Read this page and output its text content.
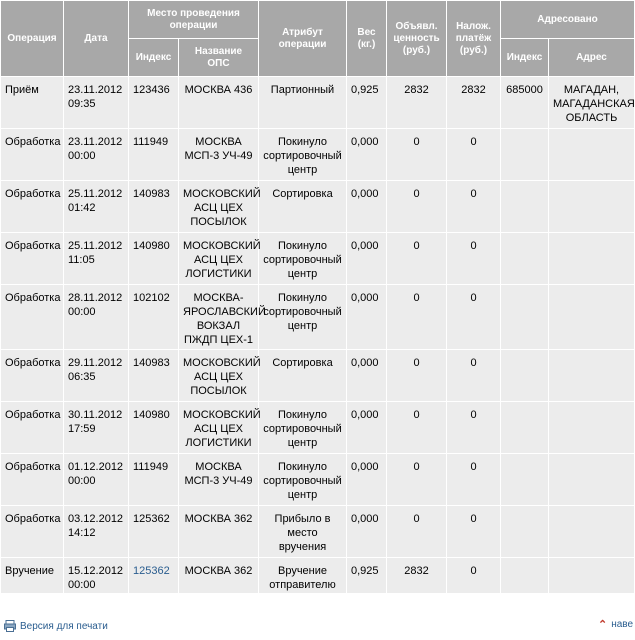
Операция	Дата	Место проведения операции		Атрибут операции	Вес (кг.)	Объявл. ценность (руб.)	Налож. платёж (руб.)	Адресовано	
		Индекс	Название ОПС					Индекс	Адрес
Приём	23.11.2012 09:35	123436	МОСКВА 436	Партионный	0,925	2832	2832	685000	МАГАДАН, МАГАДАНСКАЯ ОБЛАСТЬ
Обработка	23.11.2012 00:00	111949	МОСКВА МСП-3 УЧ-49	Покинуло сортировочный центр	0,000	0	0		
Обработка	25.11.2012 01:42	140983	МОСКОВСКИЙ АСЦ ЦЕХ ПОСЫЛОК	Сортировка	0,000	0	0		
Обработка	25.11.2012 11:05	140980	МОСКОВСКИЙ АСЦ ЦЕХ ЛОГИСТИКИ	Покинуло сортировочный центр	0,000	0	0		
Обработка	28.11.2012 00:00	102102	МОСКВА-ЯРОСЛАВСКИЙ ВОКЗАЛ ПЖДП ЦЕХ-1	Покинуло сортировочный центр	0,000	0	0		
Обработка	29.11.2012 06:35	140983	МОСКОВСКИЙ АСЦ ЦЕХ ПОСЫЛОК	Сортировка	0,000	0	0		
Обработка	30.11.2012 17:59	140980	МОСКОВСКИЙ АСЦ ЦЕХ ЛОГИСТИКИ	Покинуло сортировочный центр	0,000	0	0		
Обработка	01.12.2012 00:00	111949	МОСКВА МСП-3 УЧ-49	Покинуло сортировочный центр	0,000	0	0		
Обработка	03.12.2012 14:12	125362	МОСКВА 362	Прибыло в место вручения	0,000	0	0		
Вручение	15.12.2012 00:00	125362	МОСКВА 362	Вручение отправителю	0,925	2832	0		
Версия для печати	⌃ наве
